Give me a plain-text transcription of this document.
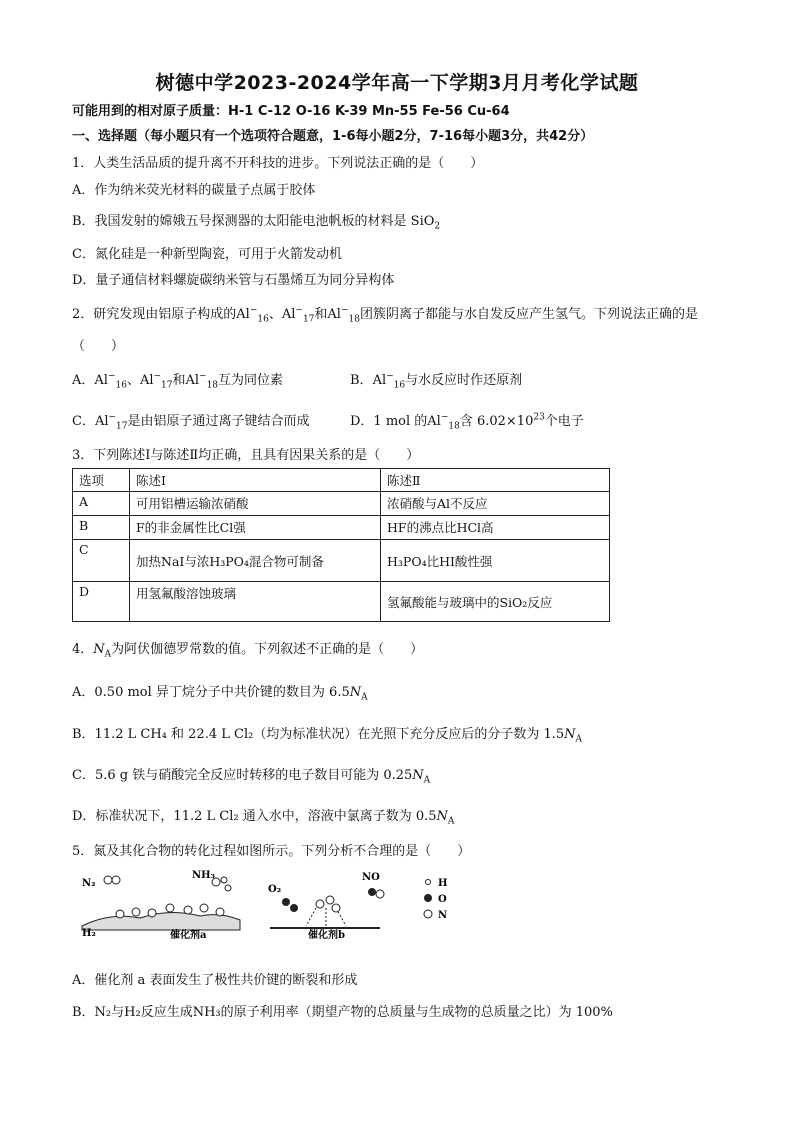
树德中学2023-2024学年高一下学期3月月考化学试题
可能用到的相对原子质量：H-1 C-12 O-16 K-39 Mn-55 Fe-56 Cu-64
一、选择题（每小题只有一个选项符合题意，1-6每小题2分，7-16每小题3分，共42分）
1．人类生活品质的提升离不开科技的进步。下列说法正确的是（　　）
A．作为纳米荧光材料的碳量子点属于胶体
B．我国发射的嫦娥五号探测器的太阳能电池帆板的材料是 SiO$_2$
C．氮化硅是一种新型陶瓷，可用于火箭发动机
D．量子通信材料螺旋碳纳米管与石墨烯互为同分异构体
2．研究发现由铝原子构成的$Al^-_{16}$、$Al^-_{17}$和$Al^-_{18}$团簇阴离子都能与水自发反应产生氢气。下列说法正确的是
（　　）
A．$Al^-_{16}$、$Al^-_{17}$和$Al^-_{18}$互为同位素	B．$Al^-_{16}$与水反应时作还原剂
C．$Al^-_{17}$是由铝原子通过离子键结合而成	D．1 mol 的$Al^-_{18}$含 $6.02\times 10^{23}$个电子
3．下列陈述Ⅰ与陈述Ⅱ均正确，且具有因果关系的是（　　）
选项	陈述Ⅰ	陈述Ⅱ
A	可用铝槽运输浓硝酸	浓硝酸与Al不反应
B	F的非金属性比Cl强	HF的沸点比HCl高
C	加热NaI与浓H₃PO₄混合物可制备	H₃PO₄比HI酸性强
D	用氢氟酸溶蚀玻璃	氢氟酸能与玻璃中的SiO₂反应
4．$N_A$为阿伏伽德罗常数的值。下列叙述不正确的是（　　）
A．0.50 mol 异丁烷分子中共价键的数目为 $6.5N_A$
B．11.2 L CH₄ 和 22.4 L Cl₂（均为标准状况）在光照下充分反应后的分子数为 $1.5N_A$
C．5.6 g 铁与硝酸完全反应时转移的电子数目可能为 $0.25N_A$
D．标准状况下，11.2 L Cl₂ 通入水中，溶液中氯离子数为 $0.5N_A$
5．氮及其化合物的转化过程如图所示。下列分析不合理的是（　　）
N₂
H₂
NH₃
催化剂a
O₂
NO
催化剂b
H
O
N
A．催化剂 a 表面发生了极性共价键的断裂和形成
B．N₂与H₂反应生成NH₃的原子利用率（期望产物的总质量与生成物的总质量之比）为 100%
